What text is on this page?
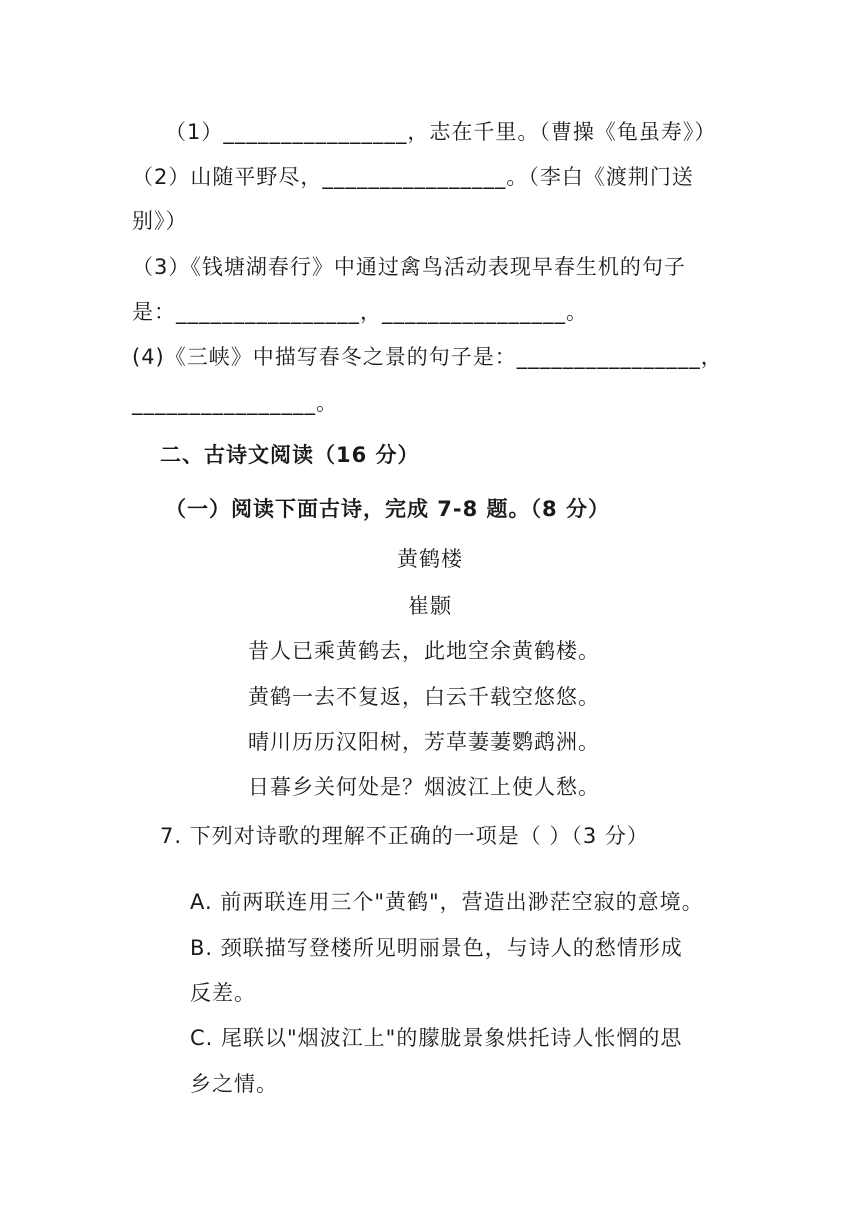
（1）________________，志在千里。（曹操《龟虽寿》）
（2）山随平野尽，________________。（李白《渡荆门送
别》）
（3）《钱塘湖春行》中通过禽鸟活动表现早春生机的句子
是：________________，________________。
(4)《三峡》中描写春冬之景的句子是：________________，
________________。
二、古诗文阅读（16 分）
（一）阅读下面古诗，完成 7-8 题。（8 分）
黄鹤楼
崔颢
昔人已乘黄鹤去，此地空余黄鹤楼。
黄鹤一去不复返，白云千载空悠悠。
晴川历历汉阳树，芳草萋萋鹦鹉洲。
日暮乡关何处是？烟波江上使人愁。
7. 下列对诗歌的理解不正确的一项是（ ）（3 分）
A. 前两联连用三个"黄鹤"，营造出渺茫空寂的意境。
B. 颈联描写登楼所见明丽景色，与诗人的愁情形成
反差。
C. 尾联以"烟波江上"的朦胧景象烘托诗人怅惘的思
乡之情。
